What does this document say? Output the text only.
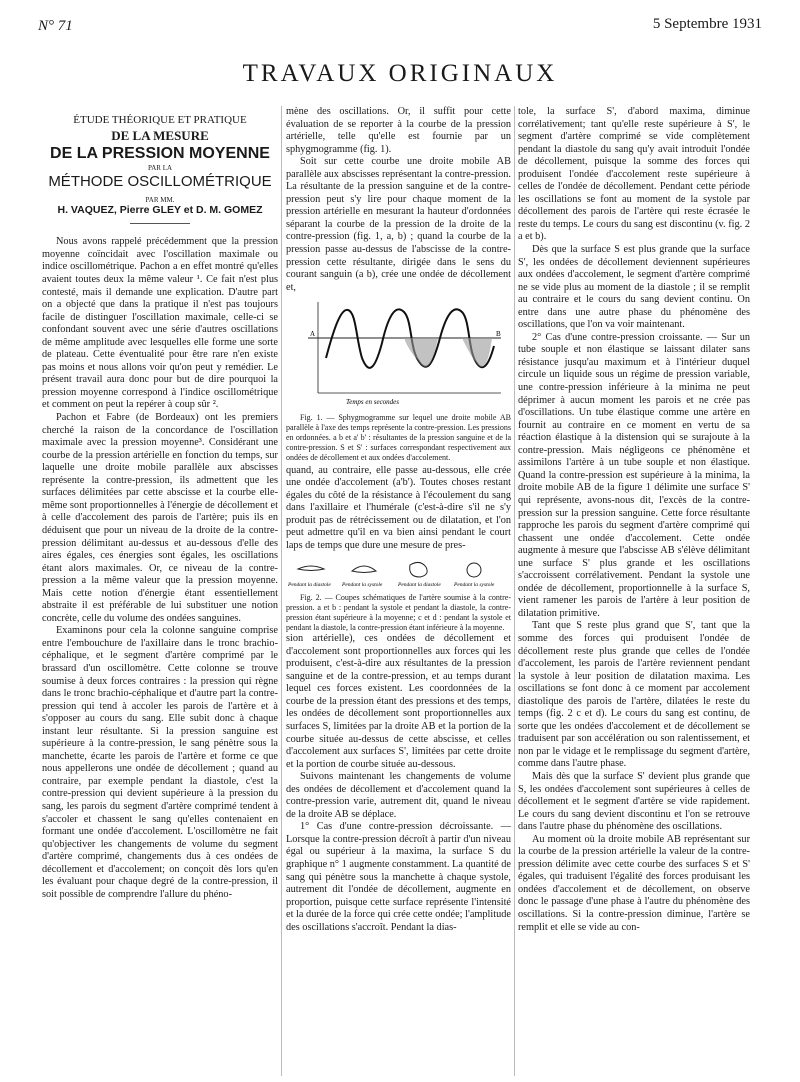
N° 71	5 Septembre 1931
TRAVAUX ORIGINAUX
ÉTUDE THÉORIQUE ET PRATIQUE
DE LA MESURE
DE LA PRESSION MOYENNE
PAR LA
MÉTHODE OSCILLOMÉTRIQUE
PAR MM.
H. VAQUEZ, Pierre GLEY et D. M. GOMEZ

Nous avons rappelé précédemment que la pression moyenne coïncidait avec l'oscillation maximale ou indice oscillométrique. Pachon a en effet montré qu'elles avaient toutes deux la même valeur ¹. Ce fait n'est plus contesté, mais il demande une explication. D'autre part on a objecté que dans la pratique il n'est pas toujours facile de distinguer l'oscillation maximale, celle-ci se confondant souvent avec une série d'autres oscillations de même amplitude avec lesquelles elle forme une sorte de plateau. Cette éventualité pour être rare n'en existe pas moins et nous allons voir qu'on peut y remédier. Le présent travail aura donc pour but de dire pourquoi la pression moyenne correspond à l'indice oscillométrique et comment on peut la repérer à coup sûr ².

Pachon et Fabre (de Bordeaux) ont les premiers cherché la raison de la concordance de l'oscillation maximale avec la pression moyenne³. Considérant une courbe de la pression artérielle en fonction du temps, sur laquelle une droite mobile parallèle aux abscisses représente la contre-pression, ils admettent que les surfaces délimitées par cette abscisse et la courbe elle-même sont proportionnelles à l'énergie de décollement et à celle d'accolement des parois de l'artère; puis ils en déduisent que pour un niveau de la droite de la contre-pression délimitant au-dessus et au-dessous d'elle des aires égales, ces énergies sont égales, les oscillations étant alors maximales. Or, ce niveau de la contre-pression a la même valeur que la pression moyenne. Mais cette notion d'énergie étant essentiellement abstraite il est préférable de lui substituer une notion concrète, celle du volume des ondées sanguines.

Examinons pour cela la colonne sanguine comprise entre l'embouchure de l'axillaire dans le tronc brachio-céphalique, et le segment d'artère comprimé par le brassard d'un oscillomètre. Cette colonne se trouve soumise à deux forces contraires : la pression qui règne dans le tronc brachio-céphalique et d'autre part la contre-pression qui tend à accoler les parois de l'artère et à s'opposer au cours du sang. Elle subit donc à chaque instant leur résultante. Si la pression sanguine est supérieure à la contre-pression, le sang pénètre sous la manchette, écarte les parois de l'artère et forme ce que nous appellerons une ondée de décollement ; quand au contraire, par exemple pendant la diastole, c'est la contre-pression qui devient supérieure à la pression du sang, les parois du segment d'artère comprimé tendent à s'accoler et chassent le sang qu'elles contenaient en formant une ondée d'accolement. L'oscillomètre ne fait qu'objectiver les changements de volume du segment d'artère comprimé, changements dus à ces ondées de décollement et d'accolement; on conçoit dès lors qu'en les évaluant pour chaque degré de la contre-pression, il soit possible de comprendre l'allure du phéno-

mène des oscillations. Or, il suffit pour cette évaluation de se reporter à la courbe de la pression artérielle, telle qu'elle est fournie par un sphygmogramme (fig. 1).

Soit sur cette courbe une droite mobile AB parallèle aux abscisses représentant la contre-pression. La résultante de la pression sanguine et de la contre-pression peut s'y lire pour chaque moment de la pression artérielle en mesurant la hauteur d'ordonnées séparant la courbe de la pression de la droite de la contre-pression (fig. 1, a, b) ; quand la courbe de la pression passe au-dessus de l'abscisse de la contre-pression cette résultante, dirigée dans le sens du courant sanguin (a b), crée une ondée de décollement et,

A	B
Temps en secondes

Fig. 1. — Sphygmogramme sur lequel une droite mobile AB parallèle à l'axe des temps représente la contre-pression. Les pressions en ordonnées. a b et a' b' : résultantes de la pression sanguine et de la contre-pression. S et S' : surfaces correspondant respectivement aux ondées de décollement et aux ondées d'accolement.

quand, au contraire, elle passe au-dessous, elle crée une ondée d'accolement (a'b'). Toutes choses restant égales du côté de la résistance à l'écoulement du sang dans l'axillaire et l'humérale (c'est-à-dire s'il ne s'y produit pas de rétrécissement ou de dilatation, et l'on peut admettre qu'il en va bien ainsi pendant le court laps de temps que dure une mesure de pres-

Pendant la diastole Pendant la systole	Pendant la diastole Pendant la systole

Fig. 2. — Coupes schématiques de l'artère soumise à la contre-pression. a et b : pendant la systole et pendant la diastole, la contre-pression étant supérieure à la moyenne; c et d : pendant la systole et pendant la diastole, la contre-pression étant inférieure à la moyenne.

sion artérielle), ces ondées de décollement et d'accolement sont proportionnelles aux forces qui les produisent, c'est-à-dire aux résultantes de la pression sanguine et de la contre-pression, et au temps durant lequel ces forces existent. Les coordonnées de la courbe de la pression étant des pressions et des temps, les ondées de décollement sont proportionnelles aux surfaces S, limitées par la droite AB et la portion de la courbe située au-dessus de cette abscisse, et celles d'accolement aux surfaces S', limitées par cette droite et la portion de courbe située au-dessous.

Suivons maintenant les changements de volume des ondées de décollement et d'accolement quand la contre-pression varie, autrement dit, quand le niveau de la droite AB se déplace.

1° Cas d'une contre-pression décroissante. — Lorsque la contre-pression décroît à partir d'un niveau égal ou supérieur à la maxima, la surface S du graphique n° 1 augmente constamment. La quantité de sang qui pénètre sous la manchette à chaque systole, autrement dit l'ondée de décollement, augmente en proportion, puisque cette surface représente l'intensité et la durée de la force qui crée cette ondée; l'amplitude des oscillations s'accroît. Pendant la dias-

tole, la surface S', d'abord maxima, diminue corrélativement; tant qu'elle reste supérieure à S', le segment d'artère comprimé se vide complètement pendant la diastole du sang qu'y avait introduit l'ondée de décollement, puisque la somme des forces qui produisent l'ondée d'accolement reste supérieure à celles de l'ondée de décollement. Pendant cette période les oscillations se font au moment de la systole par décollement des parois de l'artère qui reste écrasée le reste du temps. Le cours du sang est discontinu (v. fig. 2 a et b).

Dès que la surface S est plus grande que la surface S', les ondées de décollement deviennent supérieures aux ondées d'accolement, le segment d'artère comprimé ne se vide plus au moment de la diastole ; il se remplit au contraire et le cours du sang devient continu. On entre dans une autre phase du phénomène des oscillations, que l'on va voir maintenant.

2° Cas d'une contre-pression croissante. — Sur un tube souple et non élastique se laissant dilater sans résistance jusqu'au maximum et à l'intérieur duquel circule un liquide sous un régime de pression variable, une contre-pression inférieure à la minima ne peut déprimer à aucun moment les parois et ne crée pas d'oscillations. Un tube élastique comme une artère en fournit au contraire en ce moment en vertu de sa réaction élastique à la distension qui se surajoute à la contre-pression. Mais négligeons ce phénomène et assimilons l'artère à un tube souple et non élastique. Quand la contre-pression est supérieure à la minima, la droite mobile AB de la figure 1 délimite une surface S' qui représente, avons-nous dit, l'excès de la contre-pression sur la pression sanguine. Cette force résultante rapproche les parois du segment d'artère comprimé qui chassent une ondée d'accolement. Cette ondée augmente à mesure que l'abscisse AB s'élève délimitant une surface S' plus grande et les oscillations s'accroissent corrélativement. Pendant la systole une ondée de décollement, proportionnelle à la surface S, vient ramener les parois de l'artère à leur position de dilatation primitive.

Tant que S reste plus grand que S', tant que la somme des forces qui produisent l'ondée de décollement reste plus grande que celles de l'ondée d'accolement, les parois de l'artère reviennent pendant la systole à leur position de dilatation maxima. Les oscillations se font donc à ce moment par accolement diastolique des parois de l'artère, dilatées le reste du temps (fig. 2 c et d). Le cours du sang est continu, de sorte que les ondées d'accolement et de décollement se traduisent par son accélération ou son ralentissement, et non par le vidage et le remplissage du segment d'artère, comme dans l'autre phase.

Mais dès que la surface S' devient plus grande que S, les ondées d'accolement sont supérieures à celles de décollement et le segment d'artère se vide rapidement. Le cours du sang devient discontinu et l'on se retrouve dans l'autre phase du phénomène des oscillations.

Au moment où la droite mobile AB représentant sur la courbe de la pression artérielle la valeur de la contre-pression délimite avec cette courbe des surfaces S et S' égales, qui traduisent l'égalité des forces produisant les ondées d'accolement et de décollement, on observe donc le passage d'une phase à l'autre du phénomène des oscillations. Si la contre-pression diminue, l'artère se remplit et elle se vide au con-
